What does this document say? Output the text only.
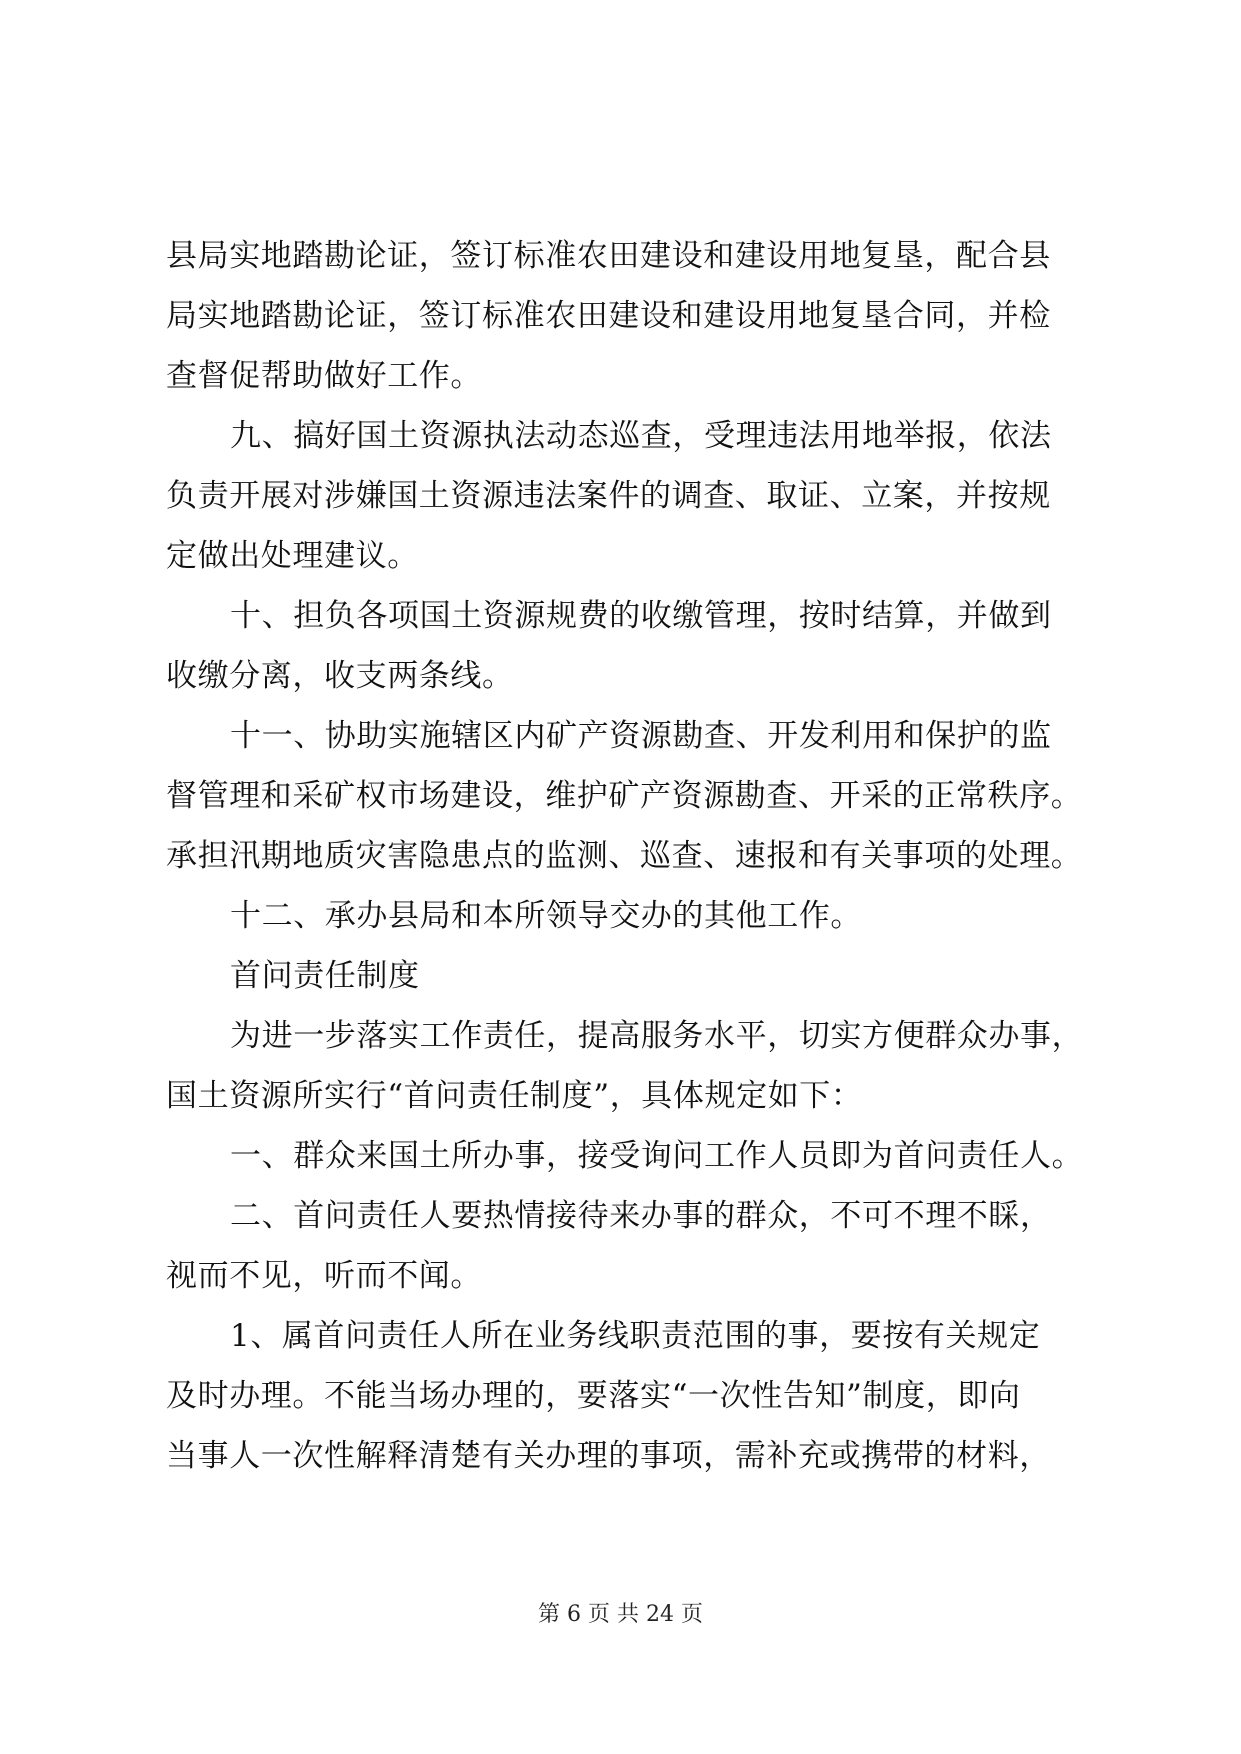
县局实地踏勘论证，签订标准农田建设和建设用地复垦，配合县
局实地踏勘论证，签订标准农田建设和建设用地复垦合同，并检
查督促帮助做好工作。
九、搞好国土资源执法动态巡查，受理违法用地举报，依法
负责开展对涉嫌国土资源违法案件的调查、取证、立案，并按规
定做出处理建议。
十、担负各项国土资源规费的收缴管理，按时结算，并做到
收缴分离，收支两条线。
十一、协助实施辖区内矿产资源勘查、开发利用和保护的监
督管理和采矿权市场建设，维护矿产资源勘查、开采的正常秩序。
承担汛期地质灾害隐患点的监测、巡查、速报和有关事项的处理。
十二、承办县局和本所领导交办的其他工作。
首问责任制度
为进一步落实工作责任，提高服务水平，切实方便群众办事，
国土资源所实行“首问责任制度”，具体规定如下：
一、群众来国土所办事，接受询问工作人员即为首问责任人。
二、首问责任人要热情接待来办事的群众，不可不理不睬，
视而不见，听而不闻。
1、属首问责任人所在业务线职责范围的事，要按有关规定
及时办理。不能当场办理的，要落实“一次性告知”制度，即向
当事人一次性解释清楚有关办理的事项，需补充或携带的材料，
第 6 页 共 24 页
